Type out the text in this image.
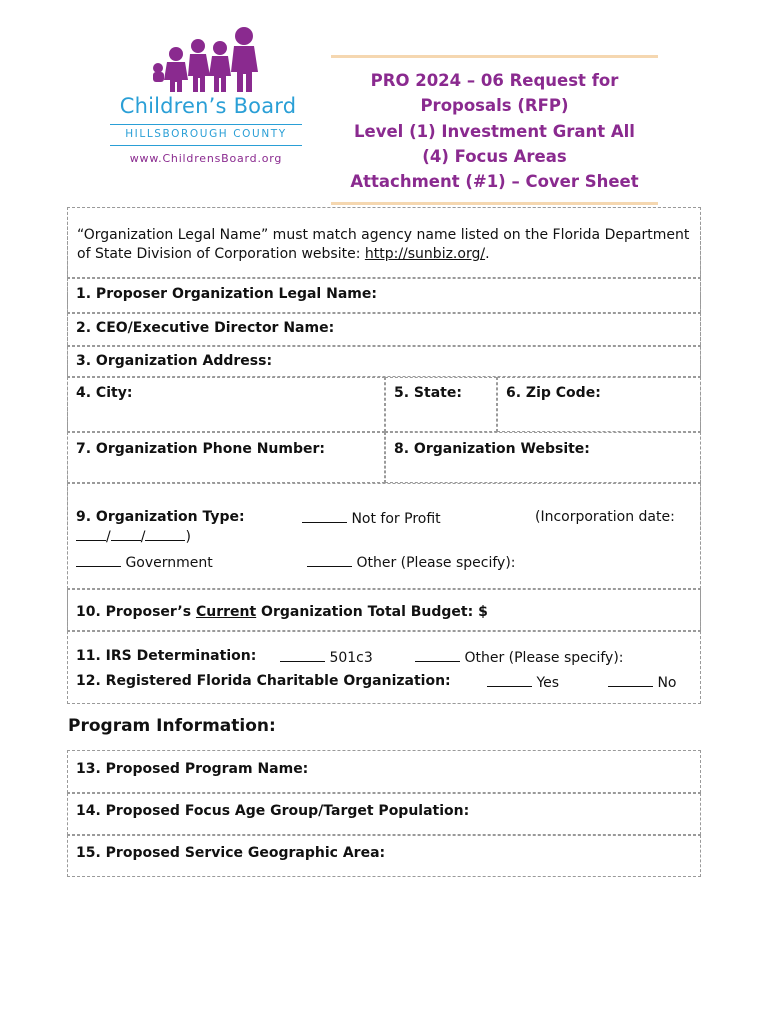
Children’s Board
HILLSBOROUGH COUNTY
www.ChildrensBoard.org
PRO 2024 – 06 Request for
Proposals (RFP)
Level (1) Investment Grant All
(4) Focus Areas
Attachment (#1) – Cover Sheet
“Organization Legal Name” must match agency name listed on the Florida Department of State Division of Corporation website: http://sunbiz.org/.
1. Proposer Organization Legal Name:
2. CEO/Executive Director Name:
3. Organization Address:
4. City:	5. State:	6. Zip Code:
7. Organization Phone Number:	8. Organization Website:
9. Organization Type:	Not for Profit	(Incorporation date:
/ /	)
Government	Other (Please specify):
10. Proposer’s Current Organization Total Budget: $
11. IRS Determination:	501c3	Other (Please specify):
12. Registered Florida Charitable Organization:	Yes	No
Program Information:
13. Proposed Program Name:
14. Proposed Focus Age Group/Target Population:
15. Proposed Service Geographic Area:
